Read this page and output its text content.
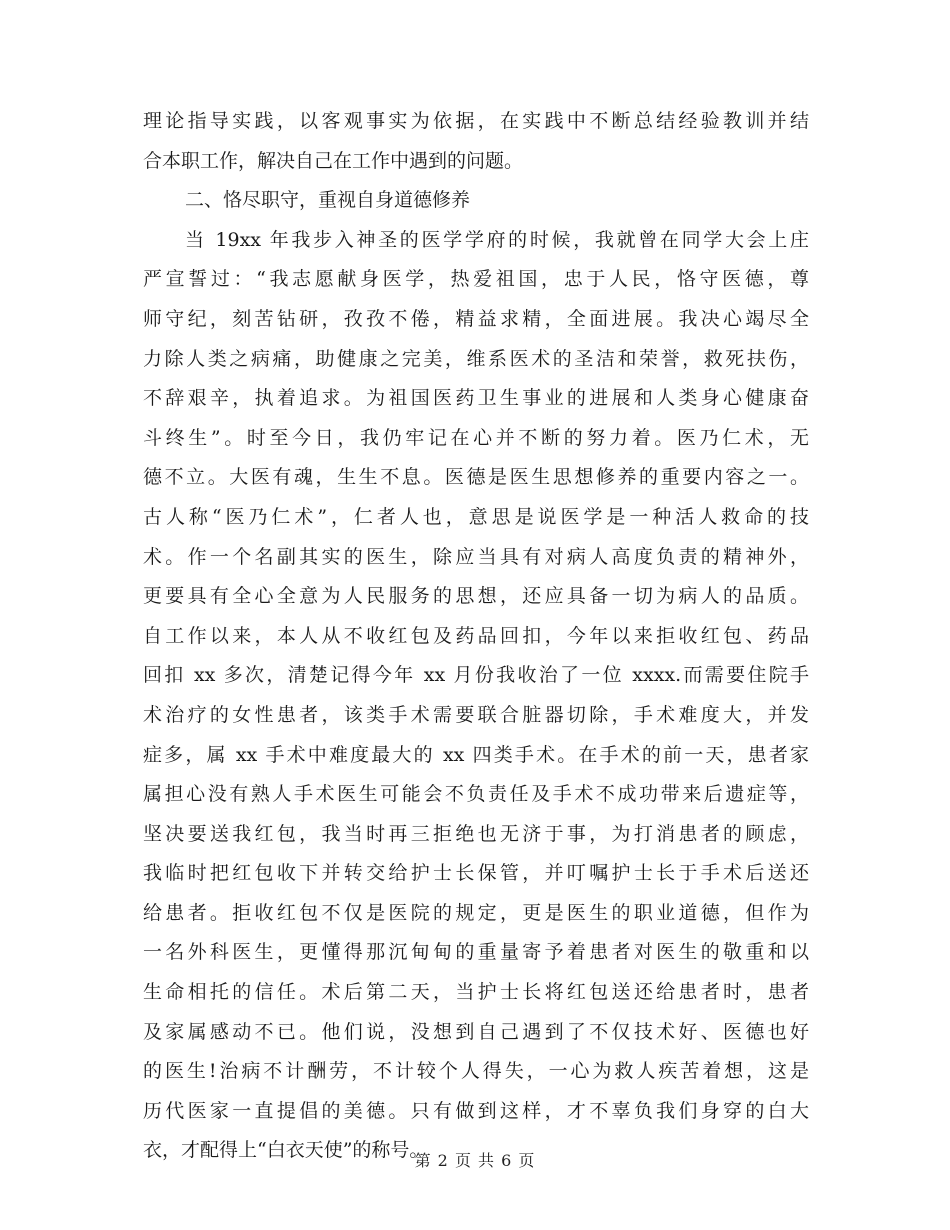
理论指导实践，以客观事实为依据，在实践中不断总结经验教训并结
合本职工作，解决自己在工作中遇到的问题。
二、恪尽职守，重视自身道德修养
当 19xx 年我步入神圣的医学学府的时候，我就曾在同学大会上庄
严宣誓过：“我志愿献身医学，热爱祖国，忠于人民，恪守医德，尊
师守纪，刻苦钻研，孜孜不倦，精益求精，全面进展。我决心竭尽全
力除人类之病痛，助健康之完美，维系医术的圣洁和荣誉，救死扶伤，
不辞艰辛，执着追求。为祖国医药卫生事业的进展和人类身心健康奋
斗终生”。时至今日，我仍牢记在心并不断的努力着。医乃仁术，无
德不立。大医有魂，生生不息。医德是医生思想修养的重要内容之一。
古人称“医乃仁术”，仁者人也，意思是说医学是一种活人救命的技
术。作一个名副其实的医生，除应当具有对病人高度负责的精神外，
更要具有全心全意为人民服务的思想，还应具备一切为病人的品质。
自工作以来，本人从不收红包及药品回扣，今年以来拒收红包、药品
回扣 xx 多次，清楚记得今年 xx 月份我收治了一位 xxxx.而需要住院手
术治疗的女性患者，该类手术需要联合脏器切除，手术难度大，并发
症多，属 xx 手术中难度最大的 xx 四类手术。在手术的前一天，患者家
属担心没有熟人手术医生可能会不负责任及手术不成功带来后遗症等，
坚决要送我红包，我当时再三拒绝也无济于事，为打消患者的顾虑，
我临时把红包收下并转交给护士长保管，并叮嘱护士长于手术后送还
给患者。拒收红包不仅是医院的规定，更是医生的职业道德，但作为
一名外科医生，更懂得那沉甸甸的重量寄予着患者对医生的敬重和以
生命相托的信任。术后第二天，当护士长将红包送还给患者时，患者
及家属感动不已。他们说，没想到自己遇到了不仅技术好、医德也好
的医生!治病不计酬劳，不计较个人得失，一心为救人疾苦着想，这是
历代医家一直提倡的美德。只有做到这样，才不辜负我们身穿的白大
衣，才配得上“白衣天使”的称号。
第 2 页 共 6 页
